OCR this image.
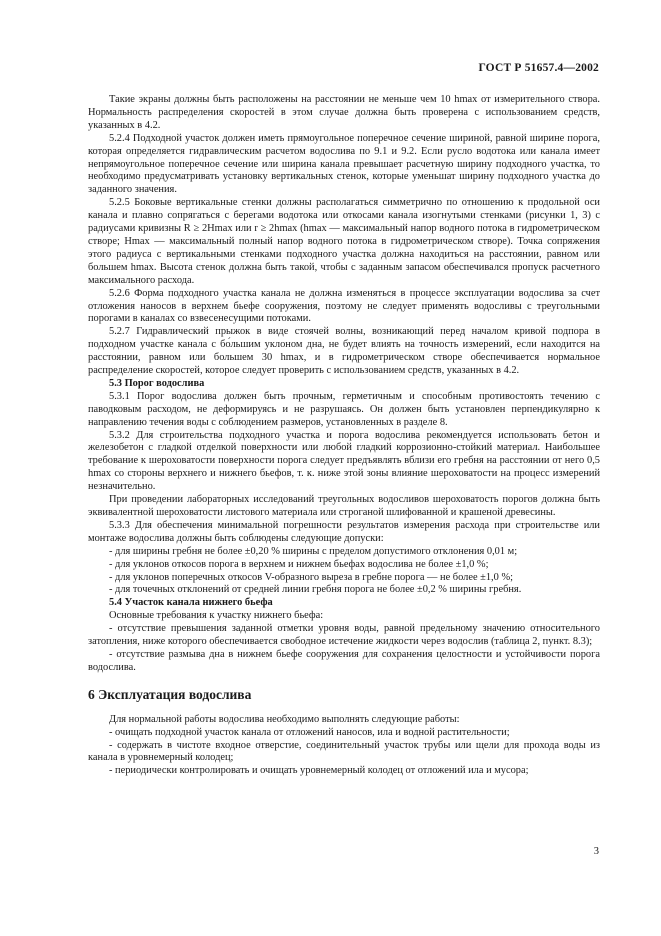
ГОСТ Р 51657.4—2002

Такие экраны должны быть расположены на расстоянии не меньше чем 10 hmax от измерительного створа. Нормальность распределения скоростей в этом случае должна быть проверена с использованием средств, указанных в 4.2.

5.2.4 Подходной участок должен иметь прямоугольное поперечное сечение шириной, равной ширине порога, которая определяется гидравлическим расчетом водослива по 9.1 и 9.2. Если русло водотока или канала имеет непрямоугольное поперечное сечение или ширина канала превышает расчетную ширину подходного участка, то необходимо предусматривать установку вертикальных стенок, которые уменьшат ширину подходного участка до заданного значения.

5.2.5 Боковые вертикальные стенки должны располагаться симметрично по отношению к продольной оси канала и плавно сопрягаться с берегами водотока или откосами канала изогнутыми стенками (рисунки 1, 3) с радиусами кривизны R ≥ 2Hmax или r ≥ 2hmax (hmax — максимальный напор водного потока в гидрометрическом створе; Hmax — максимальный полный напор водного потока в гидрометрическом створе). Точка сопряжения этого радиуса с вертикальными стенками подходного участка должна находиться на расстоянии, равном или большем hmax. Высота стенок должна быть такой, чтобы с заданным запасом обеспечивался пропуск расчетного максимального расхода.

5.2.6 Форма подходного участка канала не должна изменяться в процессе эксплуатации водослива за счет отложения наносов в верхнем бьефе сооружения, поэтому не следует применять водосливы с треугольными порогами в каналах со взвесенесущими потоками.

5.2.7 Гидравлический прыжок в виде стоячей волны, возникающий перед началом кривой подпора в подходном участке канала с бо́льшим уклоном дна, не будет влиять на точность измерений, если находится на расстоянии, равном или большем 30 hmax, и в гидрометрическом створе обеспечивается нормальное распределение скоростей, которое следует проверить с использованием средств, указанных в 4.2.

5.3 Порог водослива

5.3.1 Порог водослива должен быть прочным, герметичным и способным противостоять течению с паводковым расходом, не деформируясь и не разрушаясь. Он должен быть установлен перпендикулярно к направлению течения воды с соблюдением размеров, установленных в разделе 8.

5.3.2 Для строительства подходного участка и порога водослива рекомендуется использовать бетон и железобетон с гладкой отделкой поверхности или любой гладкий коррозионно-стойкий материал. Наибольшее требование к шероховатости поверхности порога следует предъявлять вблизи его гребня на расстоянии от него 0,5 hmax со стороны верхнего и нижнего бьефов, т. к. ниже этой зоны влияние шероховатости на процесс измерений незначительно.

При проведении лабораторных исследований треугольных водосливов шероховатость порогов должна быть эквивалентной шероховатости листового материала или строганой шлифованной и крашеной древесины.

5.3.3 Для обеспечения минимальной погрешности результатов измерения расхода при строительстве или монтаже водослива должны быть соблюдены следующие допуски:

- для ширины гребня не более ±0,20 % ширины с пределом допустимого отклонения 0,01 м;

- для уклонов откосов порога в верхнем и нижнем бьефах водослива не более ±1,0 %;

- для уклонов поперечных откосов V-образного выреза в гребне порога — не более ±1,0 %;

- для точечных отклонений от средней линии гребня порога не более ±0,2 % ширины гребня.

5.4 Участок канала нижнего бьефа

Основные требования к участку нижнего бьефа:

- отсутствие превышения заданной отметки уровня воды, равной предельному значению относительного затопления, ниже которого обеспечивается свободное истечение жидкости через водослив (таблица 2, пункт. 8.3);

- отсутствие размыва дна в нижнем бьефе сооружения для сохранения целостности и устойчивости порога водослива.

6 Эксплуатация водослива

Для нормальной работы водослива необходимо выполнять следующие работы:

- очищать подходной участок канала от отложений наносов, ила и водной растительности;

- содержать в чистоте входное отверстие, соединительный участок трубы или щели для прохода воды из канала в уровнемерный колодец;

- периодически контролировать и очищать уровнемерный колодец от отложений ила и мусора;

3
